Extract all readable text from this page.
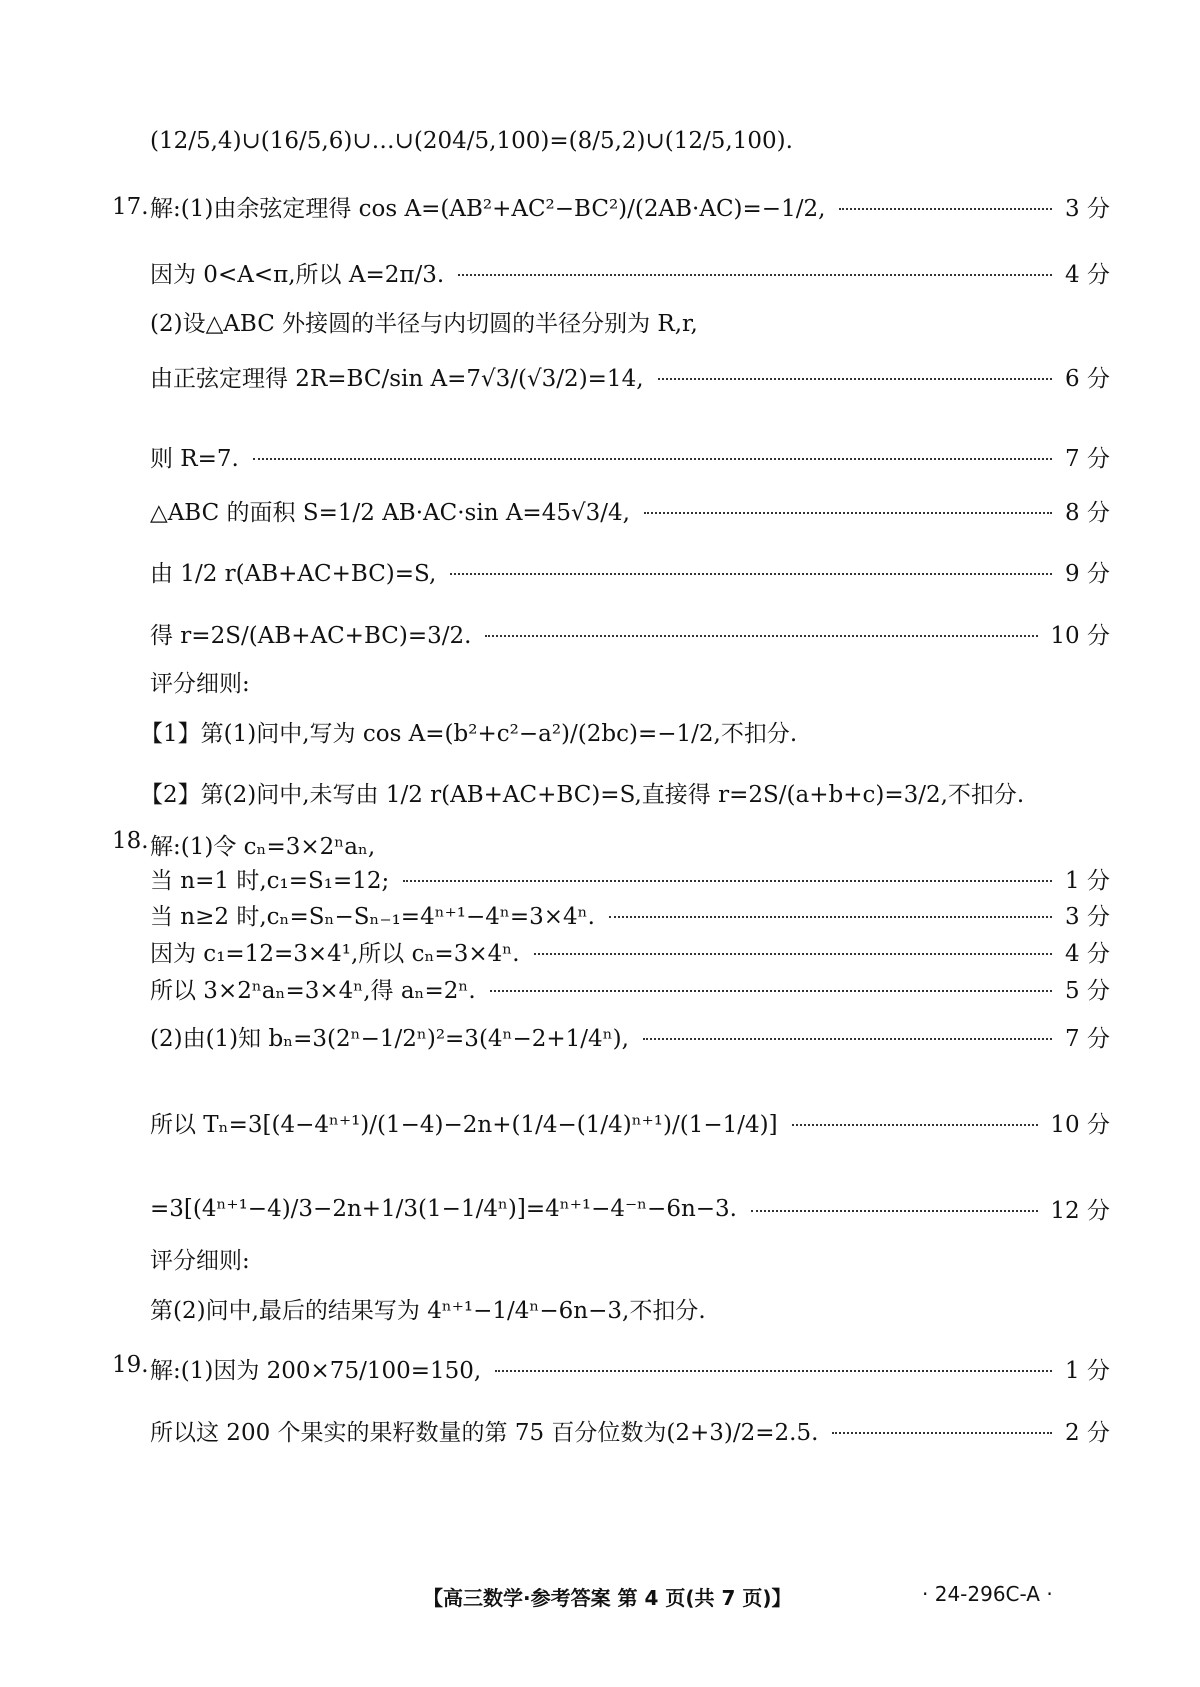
(12/5,4)∪(16/5,6)∪…∪(204/5,100)=(8/5,2)∪(12/5,100).
17. 解:(1)由余弦定理得 cos A=(AB²+AC²−BC²)/(2AB·AC)=−1/2,	3 分
因为 0<A<π,所以 A=2π/3.	4 分
(2)设△ABC 外接圆的半径与内切圆的半径分别为 R,r,
由正弦定理得 2R=BC/sin A=7√3/(√3/2)=14,	6 分
则 R=7.	7 分
△ABC 的面积 S=1/2 AB·AC·sin A=45√3/4,	8 分
由 1/2 r(AB+AC+BC)=S,	9 分
得 r=2S/(AB+AC+BC)=3/2.	10 分
评分细则:
【1】第(1)问中,写为 cos A=(b²+c²−a²)/(2bc)=−1/2,不扣分.
【2】第(2)问中,未写由 1/2 r(AB+AC+BC)=S,直接得 r=2S/(a+b+c)=3/2,不扣分.
18. 解:(1)令 cₙ=3×2ⁿaₙ,
当 n=1 时,c₁=S₁=12;	1 分
当 n≥2 时,cₙ=Sₙ−Sₙ₋₁=4ⁿ⁺¹−4ⁿ=3×4ⁿ.	3 分
因为 c₁=12=3×4¹,所以 cₙ=3×4ⁿ.	4 分
所以 3×2ⁿaₙ=3×4ⁿ,得 aₙ=2ⁿ.	5 分
(2)由(1)知 bₙ=3(2ⁿ−1/2ⁿ)²=3(4ⁿ−2+1/4ⁿ),	7 分
所以 Tₙ=3[(4−4ⁿ⁺¹)/(1−4)−2n+(1/4−(1/4)ⁿ⁺¹)/(1−1/4)]	10 分
=3[(4ⁿ⁺¹−4)/3−2n+1/3(1−1/4ⁿ)]=4ⁿ⁺¹−4⁻ⁿ−6n−3.	12 分
评分细则:
第(2)问中,最后的结果写为 4ⁿ⁺¹−1/4ⁿ−6n−3,不扣分.
19. 解:(1)因为 200×75/100=150,	1 分
所以这 200 个果实的果籽数量的第 75 百分位数为(2+3)/2=2.5.	2 分
【高三数学·参考答案 第 4 页(共 7 页)】	· 24-296C-A ·
